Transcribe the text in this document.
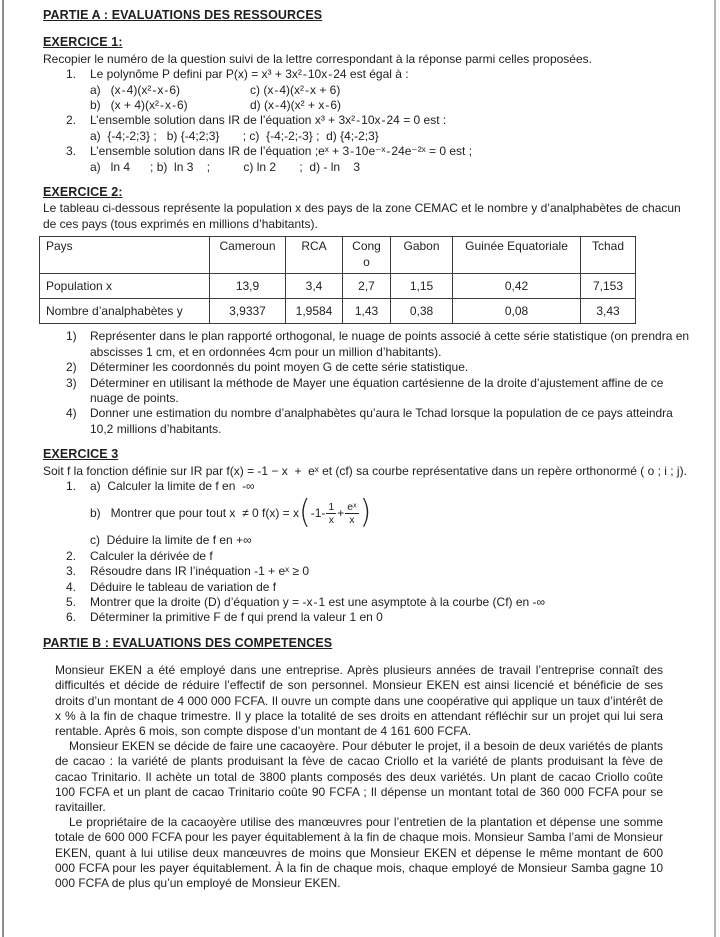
PARTIE A : EVALUATIONS DES RESSOURCES
EXERCICE 1:
Recopier le numéro de la question suivi de la lettre correspondant à la réponse parmi celles proposées.
1.	Le polynôme P defini par P(x) = x³ + 3x² - 10x - 24 est égal à :
a)   (x - 4)(x² - x - 6)	c) (x - 4)(x² - x + 6)
b)   (x + 4)(x² - x - 6)	d) (x - 4)(x² + x - 6)
2.	L’ensemble solution dans IR de l’équation x³ + 3x² - 10x - 24 = 0 est :
a)  {-4;-2;3} ;   b) {-4;2;3}       ; c)  {-4;-2;-3} ;  d) {4;-2;3}
3.	L’ensemble solution dans IR de l’équation ;eˣ + 3 - 10e⁻ˣ - 24e⁻²ˣ = 0 est ;
a)   ln 4      ; b)  ln 3    ;          c) ln 2       ;  d) - ln    3
EXERCICE 2:
Le tableau ci-dessous représente la population x des pays de la zone CEMAC et le nombre y d’analphabètes de chacun de ces pays (tous exprimés en millions d’habitants).
Pays	Cameroun	RCA	Congo	Gabon	Guinée Equatoriale	Tchad
Population x	13,9	3,4	2,7	1,15	0,42	7,153
Nombre d’analphabètes y	3,9337	1,9584	1,43	0,38	0,08	3,43
1)	Représenter dans le plan rapporté orthogonal, le nuage de points associé à cette série statistique (on prendra en abscisses 1 cm, et en ordonnées 4cm pour un million d’habitants).
2)	Déterminer les coordonnés du point moyen G de cette série statistique.
3)	Déterminer en utilisant la méthode de Mayer une équation cartésienne de la droite d’ajustement affine de ce nuage de points.
4)	Donner une estimation du nombre d’analphabètes qu’aura le Tchad lorsque la population de ce pays atteindra 10,2 millions d’habitants.
EXERCICE 3
Soit f la fonction définie sur IR par f(x) = -1 − x  +  eˣ et (cf) sa courbe représentative dans un repère orthonormé ( o ; i ; j).
1.	a)  Calculer la limite de f en  -∞
b)   Montrer que pour tout x  ≠ 0 f(x) = x ( $-1- \frac{1}{x} + \frac{\text{eˣ}}{x}$ )
c)  Déduire la limite de f en +∞
2.	Calculer la dérivée de f
3.	Résoudre dans IR l’inéquation -1 + eˣ ≥ 0
4.	Déduire le tableau de variation de f
5.	Montrer que la droite (D) d’équation y = -x - 1 est une asymptote à la courbe (Cf) en -∞
6.	Déterminer la primitive F de f qui prend la valeur 1 en 0
PARTIE B : EVALUATIONS DES COMPETENCES

Monsieur EKEN a été employé dans une entreprise. Après plusieurs années de travail l’entreprise connaît des difficultés et décide de réduire l’effectif de son personnel. Monsieur EKEN est ainsi licencié et bénéficie de ses droits d’un montant de 4 000 000 FCFA. Il ouvre un compte dans une coopérative qui applique un taux d’intérêt de x % à la fin de chaque trimestre. Il y place la totalité de ses droits en attendant réfléchir sur un projet qui lui sera rentable. Après 6 mois, son compte dispose d’un montant de 4 161 600 FCFA.

Monsieur EKEN se décide de faire une cacaoyère. Pour débuter le projet, il a besoin de deux variétés de plants de cacao : la variété de plants produisant la fève de cacao Criollo et la variété de plants produisant la fève de cacao Trinitario. Il achète un total de 3800 plants composés des deux variétés. Un plant de cacao Criollo coûte 100 FCFA et un plant de cacao Trinitario coûte 90 FCFA ; Il dépense un montant total de 360 000 FCFA pour se ravitailler.

Le propriétaire de la cacaoyère utilise des manœuvres pour l’entretien de la plantation et dépense une somme totale de 600 000 FCFA pour les payer équitablement à la fin de chaque mois. Monsieur Samba l’ami de Monsieur EKEN, quant à lui utilise deux manœuvres de moins que Monsieur EKEN et dépense le même montant de 600 000 FCFA pour les payer équitablement. À la fin de chaque mois, chaque employé de Monsieur Samba gagne 10 000 FCFA de plus qu’un employé de Monsieur EKEN.
